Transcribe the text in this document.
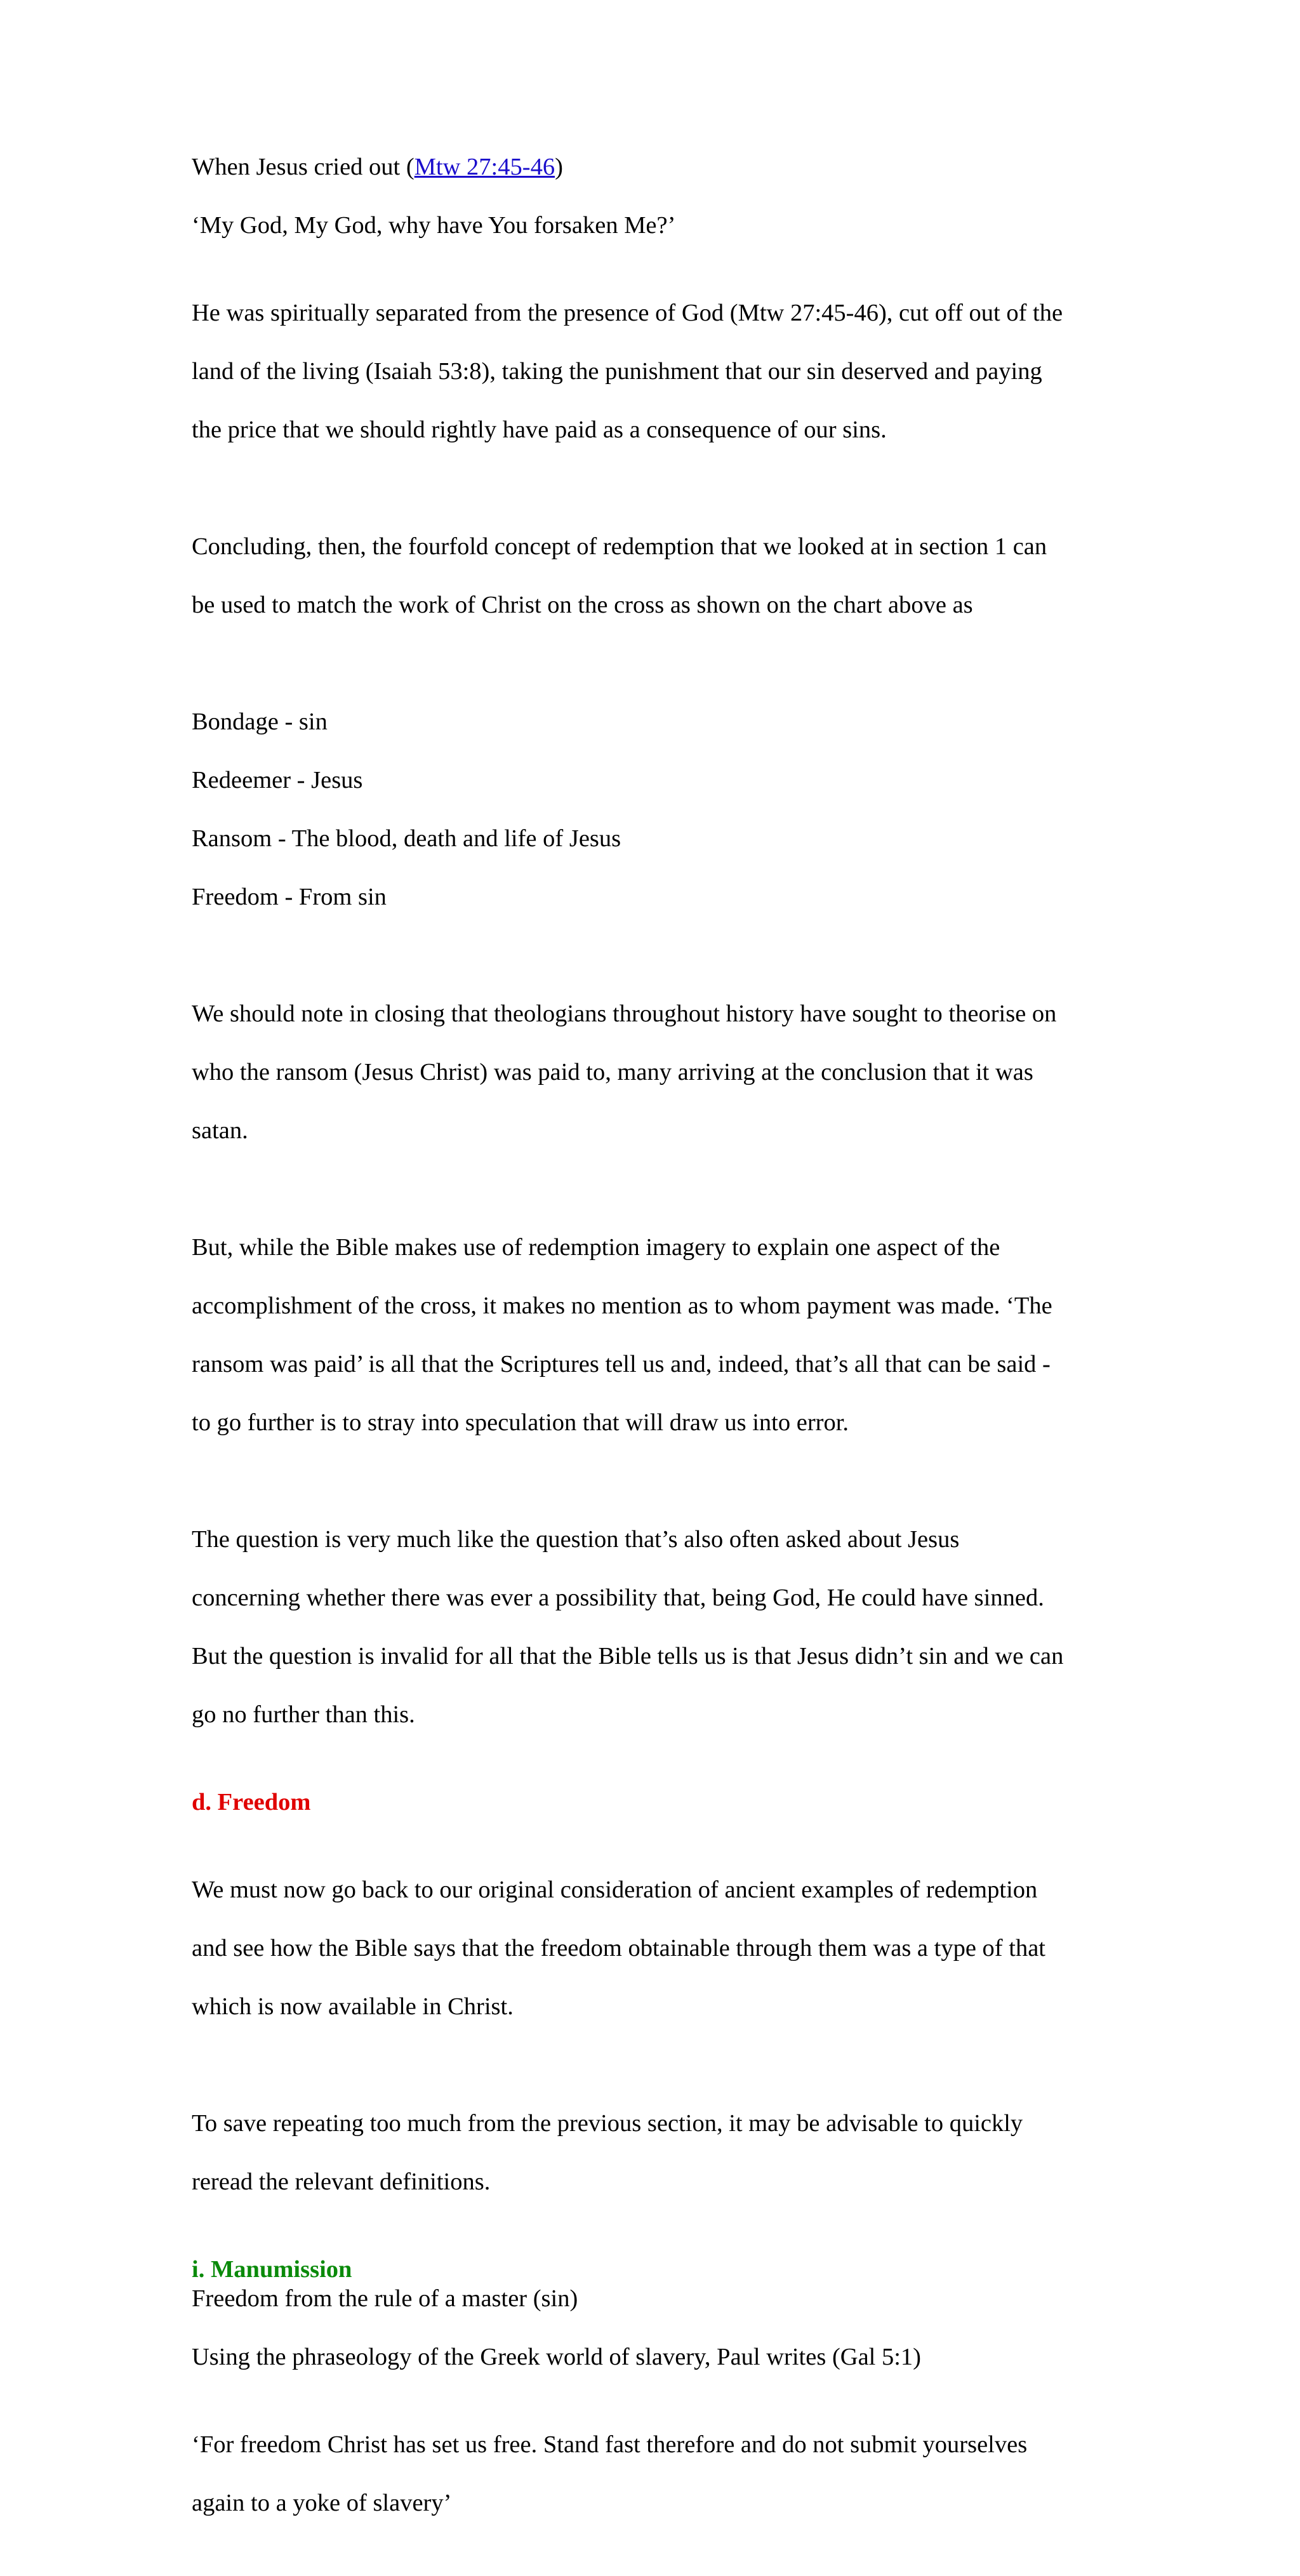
When Jesus cried out (Mtw 27:45-46)

‘My God, My God, why have You forsaken Me?’

He was spiritually separated from the presence of God (Mtw 27:45-46), cut off out of the

land of the living (Isaiah 53:8), taking the punishment that our sin deserved and paying

the price that we should rightly have paid as a consequence of our sins.

Concluding, then, the fourfold concept of redemption that we looked at in section 1 can

be used to match the work of Christ on the cross as shown on the chart above as

Bondage - sin

Redeemer - Jesus

Ransom - The blood, death and life of Jesus

Freedom - From sin

We should note in closing that theologians throughout history have sought to theorise on

who the ransom (Jesus Christ) was paid to, many arriving at the conclusion that it was

satan.

But, while the Bible makes use of redemption imagery to explain one aspect of the

accomplishment of the cross, it makes no mention as to whom payment was made. ‘The

ransom was paid’ is all that the Scriptures tell us and, indeed, that’s all that can be said -

to go further is to stray into speculation that will draw us into error.

The question is very much like the question that’s also often asked about Jesus

concerning whether there was ever a possibility that, being God, He could have sinned.

But the question is invalid for all that the Bible tells us is that Jesus didn’t sin and we can

go no further than this.

d. Freedom

We must now go back to our original consideration of ancient examples of redemption

and see how the Bible says that the freedom obtainable through them was a type of that

which is now available in Christ.

To save repeating too much from the previous section, it may be advisable to quickly

reread the relevant definitions.

i. Manumission

Freedom from the rule of a master (sin)

Using the phraseology of the Greek world of slavery, Paul writes (Gal 5:1)

‘For freedom Christ has set us free. Stand fast therefore and do not submit yourselves

again to a yoke of slavery’
